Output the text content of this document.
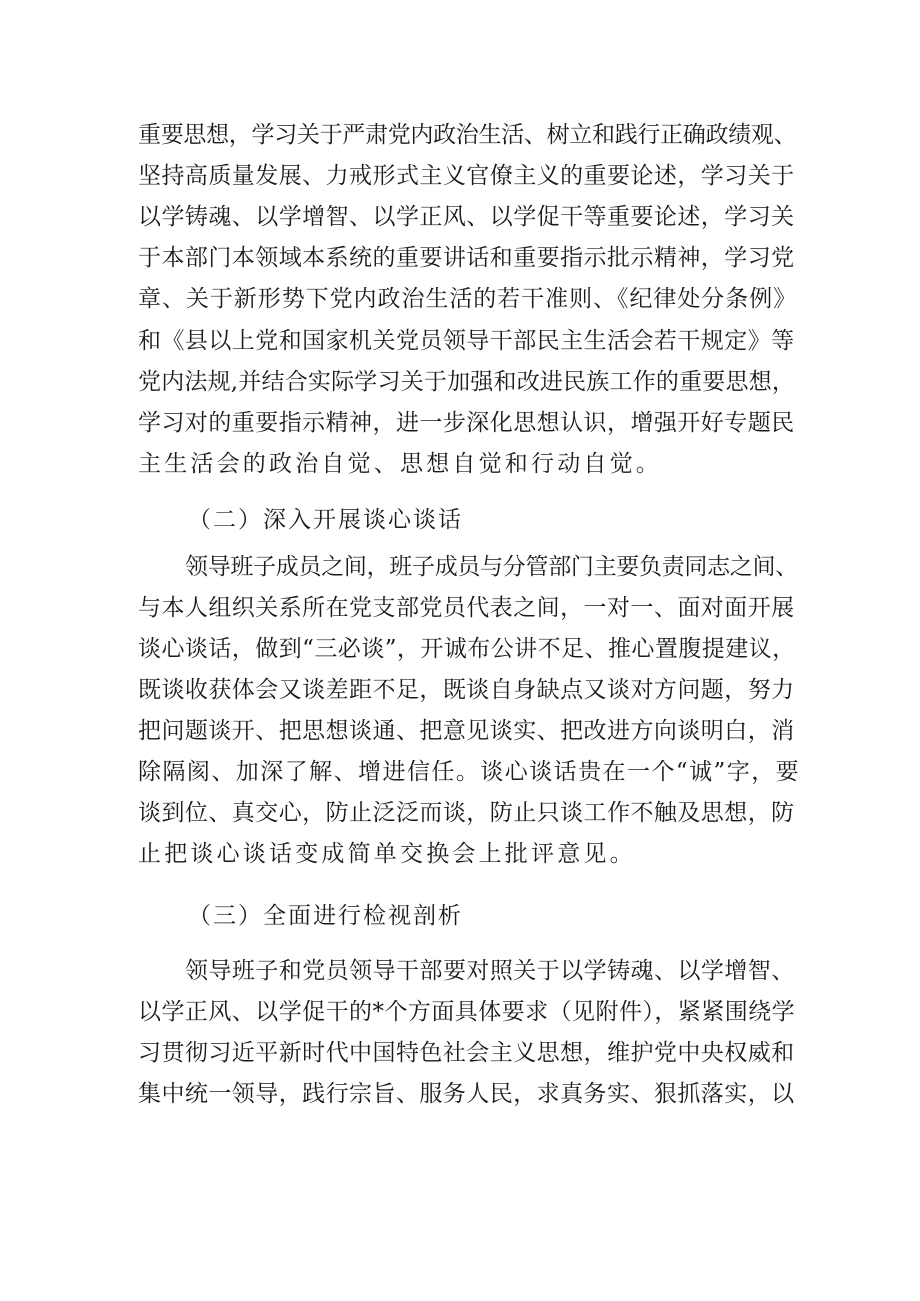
重要思想，学习关于严肃党内政治生活、树立和践行正确政绩观、
坚持高质量发展、力戒形式主义官僚主义的重要论述，学习关于
以学铸魂、以学增智、以学正风、以学促干等重要论述，学习关
于本部门本领域本系统的重要讲话和重要指示批示精神，学习党
章、关于新形势下党内政治生活的若干准则、《纪律处分条例》
和《县以上党和国家机关党员领导干部民主生活会若干规定》等
党内法规,并结合实际学习关于加强和改进民族工作的重要思想，
学习对的重要指示精神，进一步深化思想认识，增强开好专题民
主生活会的政治自觉、思想自觉和行动自觉。
（二）深入开展谈心谈话
领导班子成员之间，班子成员与分管部门主要负责同志之间、
与本人组织关系所在党支部党员代表之间，一对一、面对面开展
谈心谈话，做到“三必谈”，开诚布公讲不足、推心置腹提建议，
既谈收获体会又谈差距不足，既谈自身缺点又谈对方问题，努力
把问题谈开、把思想谈通、把意见谈实、把改进方向谈明白，消
除隔阂、加深了解、增进信任。谈心谈话贵在一个“诚”字，要
谈到位、真交心，防止泛泛而谈，防止只谈工作不触及思想，防
止把谈心谈话变成简单交换会上批评意见。
（三）全面进行检视剖析
领导班子和党员领导干部要对照关于以学铸魂、以学增智、
以学正风、以学促干的*个方面具体要求（见附件），紧紧围绕学
习贯彻习近平新时代中国特色社会主义思想，维护党中央权威和
集中统一领导，践行宗旨、服务人民，求真务实、狠抓落实，以
